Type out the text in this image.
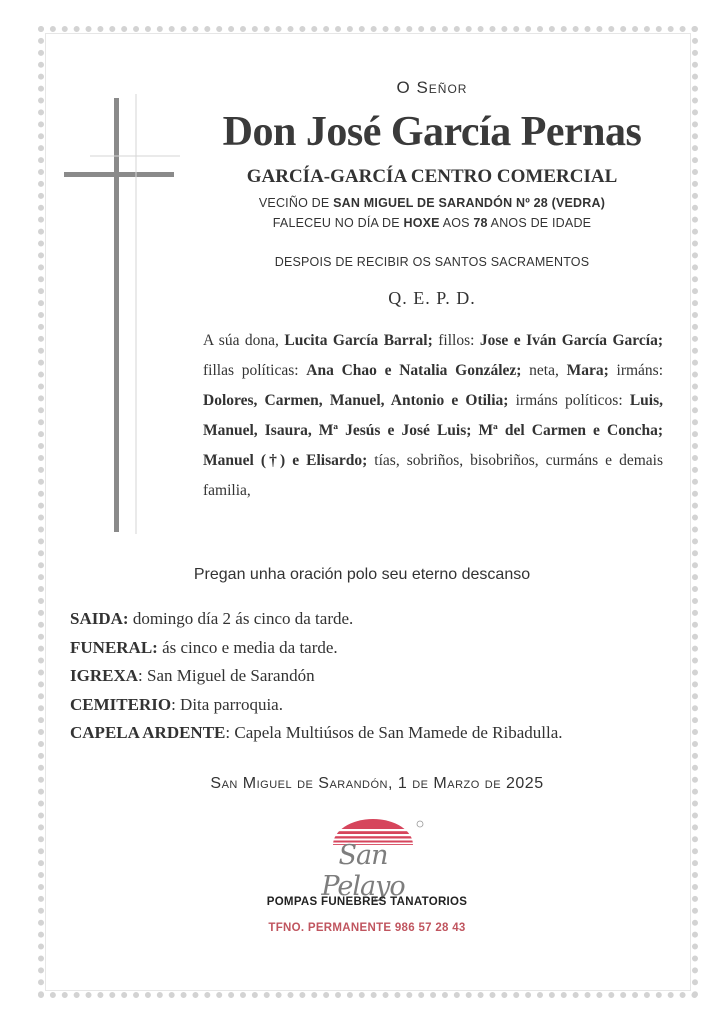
O Señor
Don José García Pernas
GARCÍA-GARCÍA CENTRO COMERCIAL
VECIÑO DE SAN MIGUEL DE SARANDÓN Nº 28 (VEDRA)
FALECEU NO DÍA DE HOXE AOS 78 ANOS DE IDADE
DESPOIS DE RECIBIR OS SANTOS SACRAMENTOS
Q. E. P. D.
A súa dona, Lucita García Barral; fillos: Jose e Iván García García; fillas políticas: Ana Chao e Natalia González; neta, Mara; irmáns: Dolores, Carmen, Manuel, Antonio e Otilia; irmáns políticos: Luis, Manuel, Isaura, Mª Jesús e José Luis; Mª del Carmen e Concha; Manuel (†) e Elisardo; tías, sobriños, bisobriños, curmáns e demais familia,
Pregan unha oración polo seu eterno descanso
SAIDA: domingo día 2 ás cinco da tarde.
FUNERAL: ás cinco e media da tarde.
IGREXA: San Miguel de Sarandón
CEMITERIO: Dita parroquia.
CAPELA ARDENTE: Capela Multiúsos de San Mamede de Ribadulla.
San Miguel de Sarandón, 1 de Marzo de 2025
San Pelayo
POMPAS FUNEBRES TANATORIOS
TFNO. PERMANENTE 986 57 28 43
